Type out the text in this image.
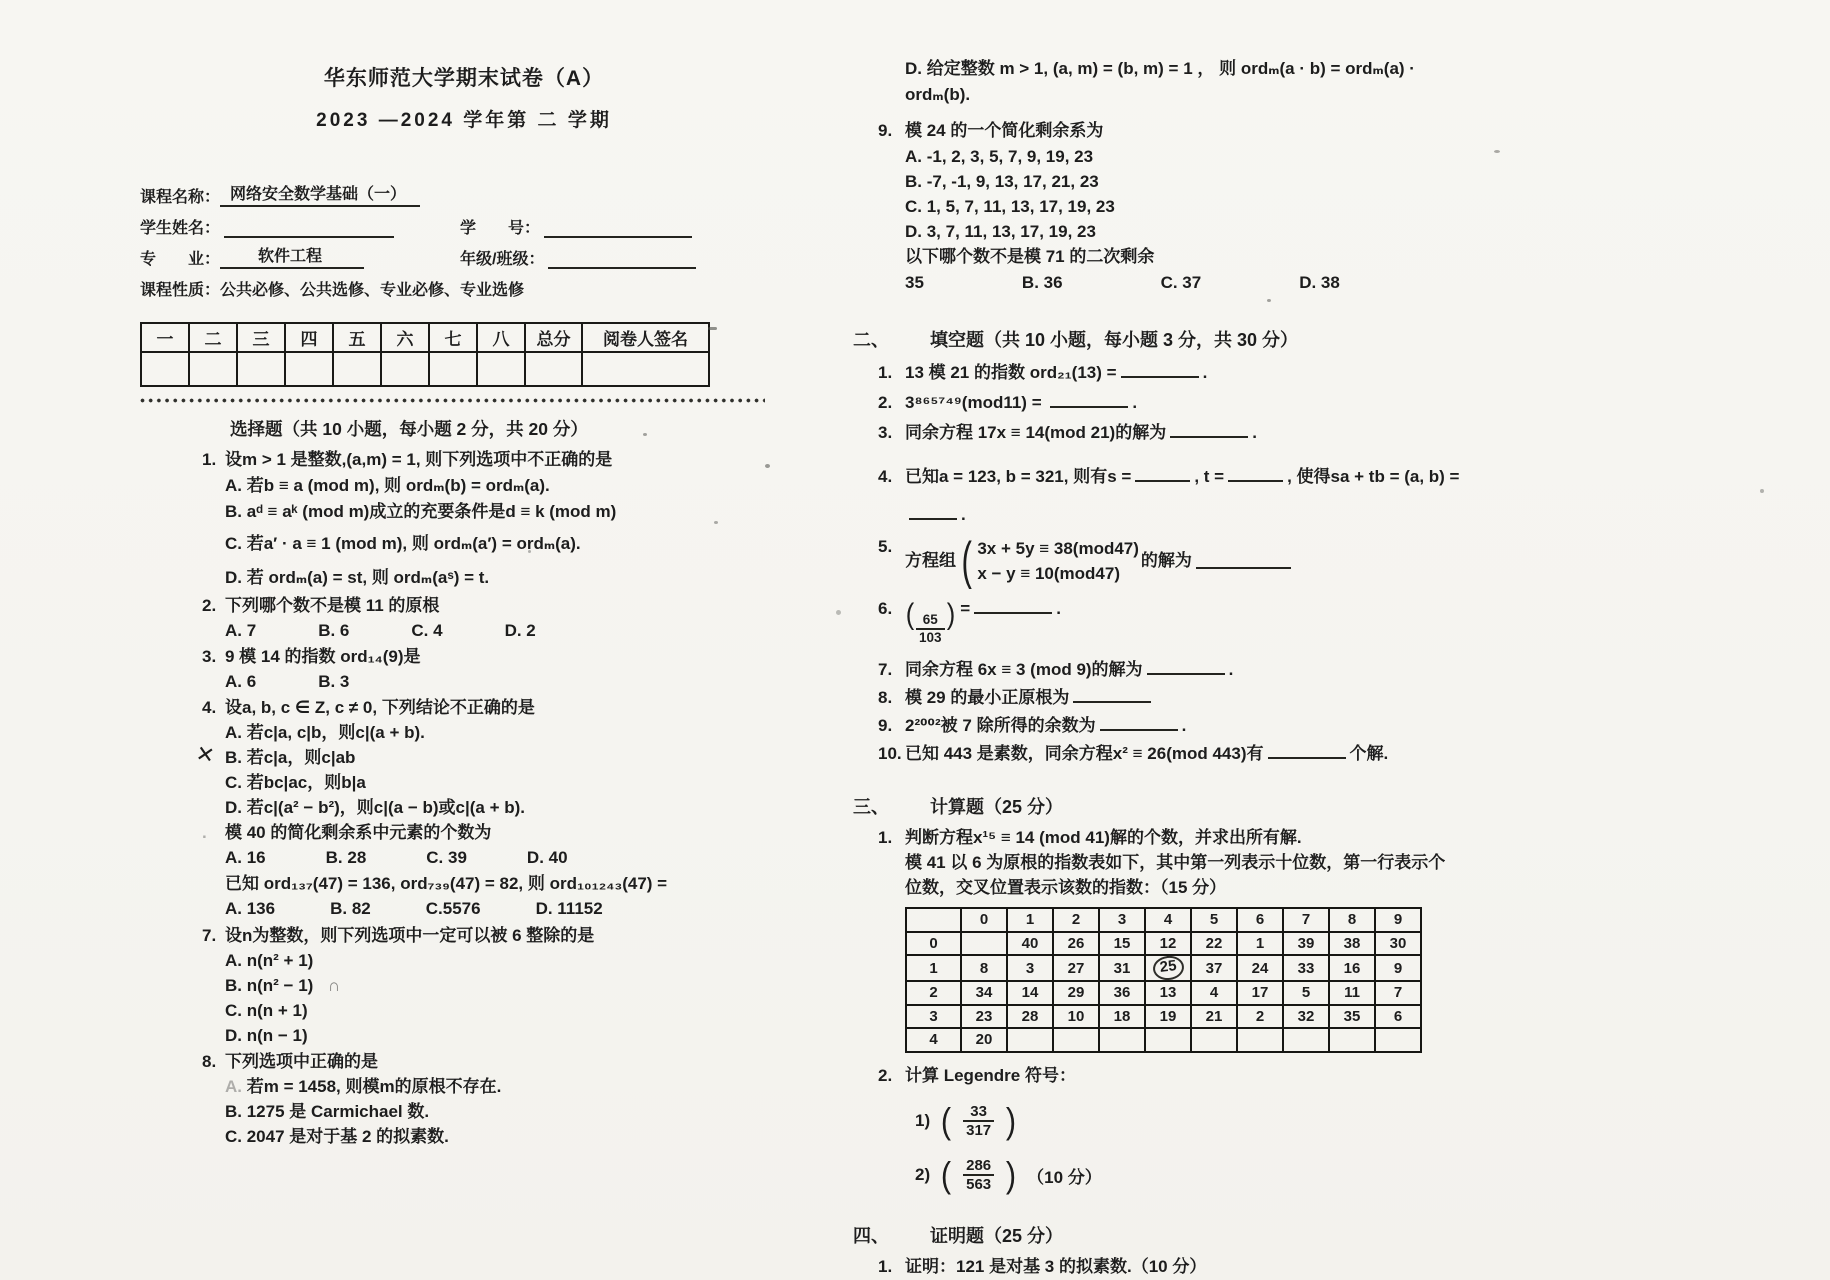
华东师范大学期末试卷（A）
2023 —2024 学年第 二 学期
课程名称： 网络安全数学基础（一）
学生姓名：	学　　号：
专　　业：	软件工程	年级/班级：
课程性质： 公共必修、公共选修、专业必修、专业选修
一	二	三	四	五	六	七	八	总分	阅卷人签名

选择题（共 10 小题，每小题 2 分，共 20 分）
1. 设m > 1 是整数,(a,m) = 1, 则下列选项中不正确的是
A. 若b ≡ a (mod m), 则 ordₘ(b) = ordₘ(a).
B. aᵈ ≡ aᵏ (mod m)成立的充要条件是d ≡ k (mod m)
C. 若a′ · a ≡ 1 (mod m), 则 ordₘ(a′) = ordₘ(a).
D. 若 ordₘ(a) = st, 则 ordₘ(aˢ) = t.
2. 下列哪个数不是模 11 的原根
A. 7	B. 6	C. 4	D. 2
3. 9 模 14 的指数 ord₁₄(9)是
A. 6	B. 3
4. 设a, b, c ∈ Z, c ≠ 0, 下列结论不正确的是
A. 若c|a, c|b，则c|(a + b).
✕ B. 若c|a，则c|ab
C. 若bc|ac，则b|a
D. 若c|(a² − b²)，则c|(a − b)或c|(a + b).
.	模 40 的简化剩余系中元素的个数为
A. 16	B. 28	C. 39	D. 40
已知 ord₁₃₇(47) = 136, ord₇₃₉(47) = 82, 则 ord₁₀₁₂₄₃(47) =
A. 136	B. 82	C.5576	D. 11152
7. 设n为整数，则下列选项中一定可以被 6 整除的是
A. n(n² + 1)
B. n(n² − 1) ∩
C. n(n + 1)
D. n(n − 1)
8. 下列选项中正确的是
A. 若m = 1458, 则模m的原根不存在.
B. 1275 是 Carmichael 数.
C. 2047 是对于基 2 的拟素数.
D. 给定整数 m > 1, (a, m) = (b, m) = 1 ， 则 ordₘ(a · b) = ordₘ(a) ·
ordₘ(b).
9. 模 24 的一个简化剩余系为
A. -1, 2, 3, 5, 7, 9, 19, 23
B. -7, -1, 9, 13, 17, 21, 23
C. 1, 5, 7, 11, 13, 17, 19, 23
D. 3, 7, 11, 13, 17, 19, 23
以下哪个数不是模 71 的二次剩余
35	B. 36	C. 37	D. 38
二、	填空题（共 10 小题，每小题 3 分，共 30 分）
1. 13 模 21 的指数 ord₂₁(13) =	.
2. 3⁸⁶⁵⁷⁴⁹(mod11) =	.
3. 同余方程 17x ≡ 14(mod 21)的解为	.
4. 已知a = 123, b = 321, 则有s =	, t =	, 使得sa + tb = (a, b) =
.
5.
方程组 ( 3x + 5y ≡ 38(mod47)
x − y ≡ 10(mod47)
的解为
6. ( $\frac{65}{103}$ ) =	.
7. 同余方程 6x ≡ 3 (mod 9)的解为	.
8. 模 29 的最小正原根为
9. 2²⁰⁰²被 7 除所得的余数为	.
10. 已知 443 是素数，同余方程x² ≡ 26(mod 443)有	个解.
三、	计算题（25 分）
1. 判断方程x¹⁵ ≡ 14 (mod 41)解的个数，并求出所有解.
模 41 以 6 为原根的指数表如下，其中第一列表示十位数，第一行表示个
位数，交叉位置表示该数的指数：（15 分）
	0	1	2	3	4	5	6	7	8	9
0		40	26	15	12	22	1	39	38	30
1	8	3	27	31	25	37	24	33	16	9
2	34	14	29	36	13	4	17	5	11	7
3	23	28	10	18	19	21	2	32	35	6
4	20									
2. 计算 Legendre 符号：
1) ( $\frac{33}{317}$ )
2) ( $\frac{286}{563}$ ) （10 分）
四、	证明题（25 分）
1. 证明：121 是对基 3 的拟素数.（10 分）
